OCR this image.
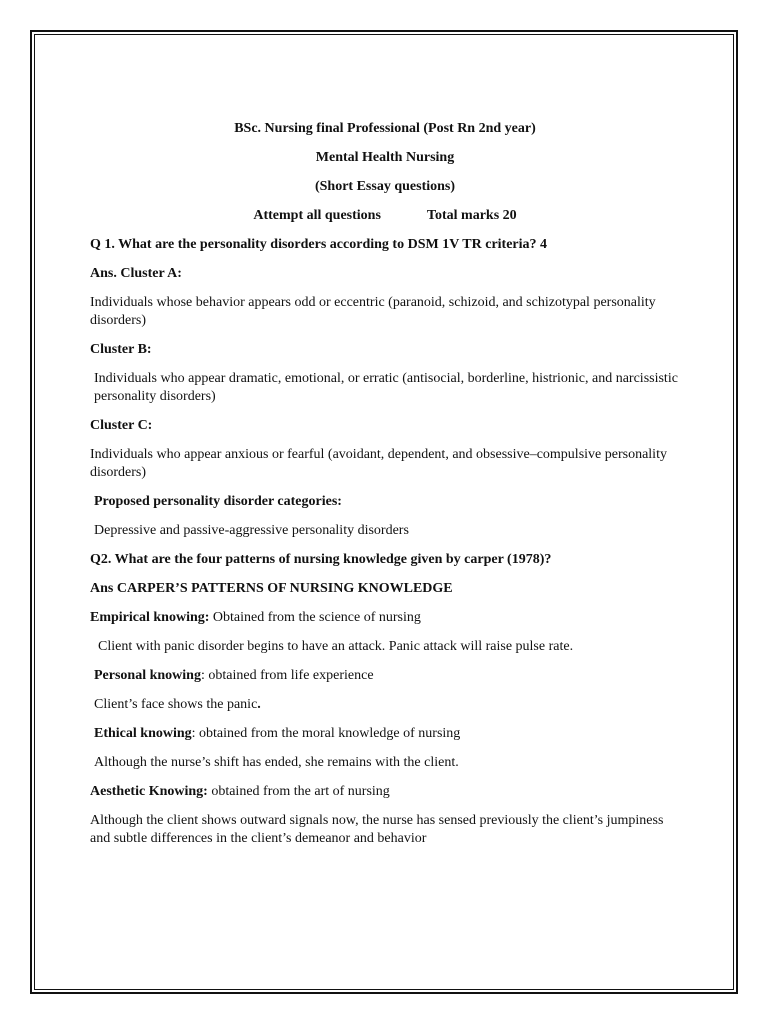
BSc. Nursing final Professional (Post Rn 2nd year)

Mental Health Nursing

(Short Essay questions)

Attempt all questions	Total marks 20

Q 1. What are the personality disorders according to DSM 1V TR criteria? 4

Ans. Cluster A:

Individuals whose behavior appears odd or eccentric (paranoid, schizoid, and schizotypal personality disorders)

Cluster B:

Individuals who appear dramatic, emotional, or erratic (antisocial, borderline, histrionic, and narcissistic personality disorders)

Cluster C:

Individuals who appear anxious or fearful (avoidant, dependent, and obsessive–compulsive personality disorders)

Proposed personality disorder categories:

Depressive and passive-aggressive personality disorders

Q2. What are the four patterns of nursing knowledge given by carper (1978)?

Ans CARPER’S PATTERNS OF NURSING KNOWLEDGE

Empirical knowing: Obtained from the science of nursing

Client with panic disorder begins to have an attack. Panic attack will raise pulse rate.

Personal knowing: obtained from life experience

Client’s face shows the panic.

Ethical knowing: obtained from the moral knowledge of nursing

Although the nurse’s shift has ended, she remains with the client.

Aesthetic Knowing: obtained from the art of nursing

Although the client shows outward signals now, the nurse has sensed previously the client’s jumpiness and subtle differences in the client’s demeanor and behavior
